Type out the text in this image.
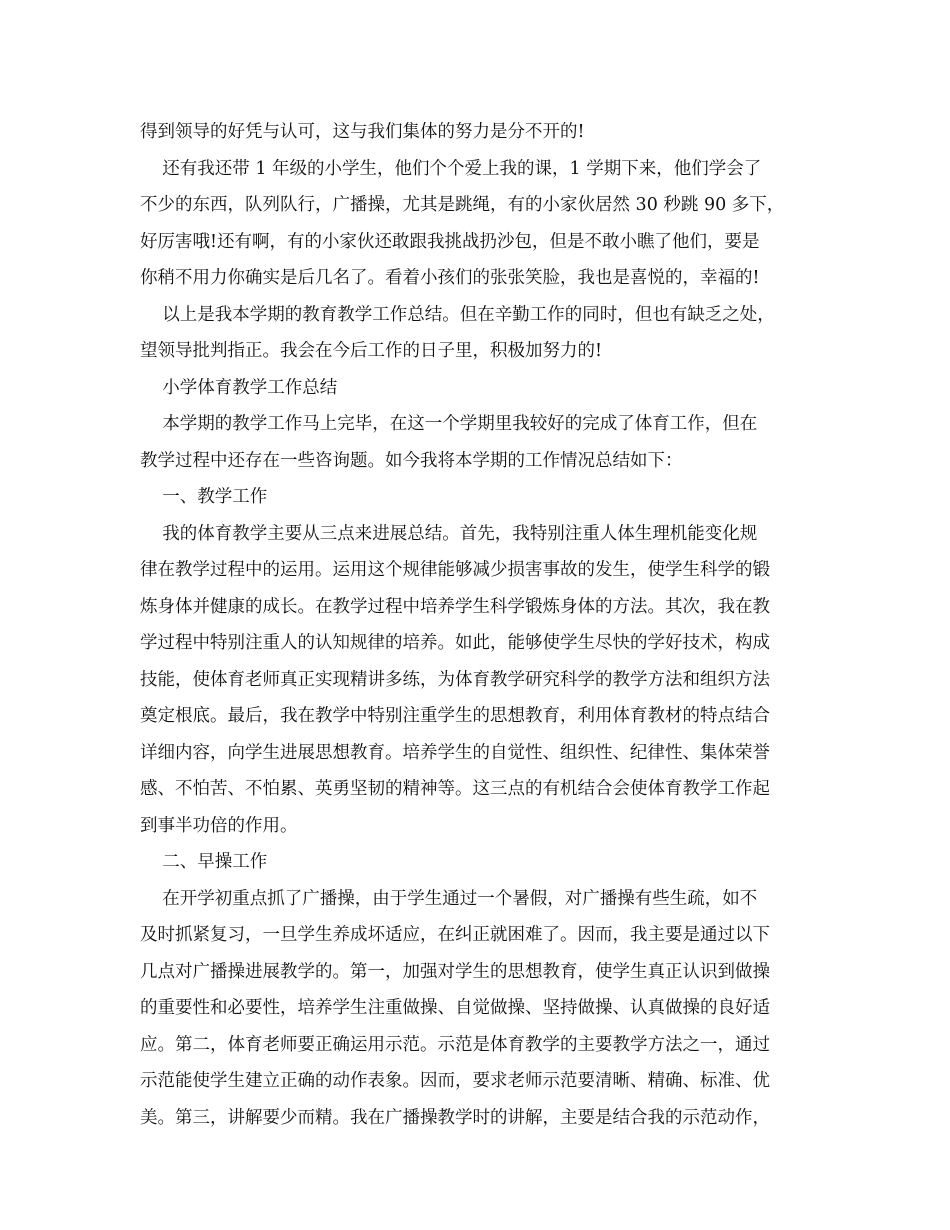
得到领导的好凭与认可，这与我们集体的努力是分不开的!
还有我还带 1 年级的小学生，他们个个爱上我的课，1 学期下来，他们学会了
不少的东西，队列队行，广播操，尤其是跳绳，有的小家伙居然 30 秒跳 90 多下，
好厉害哦!还有啊，有的小家伙还敢跟我挑战扔沙包，但是不敢小瞧了他们，要是
你稍不用力你确实是后几名了。看着小孩们的张张笑脸，我也是喜悦的，幸福的!
以上是我本学期的教育教学工作总结。但在辛勤工作的同时，但也有缺乏之处，
望领导批判指正。我会在今后工作的日子里，积极加努力的!
小学体育教学工作总结
本学期的教学工作马上完毕，在这一个学期里我较好的完成了体育工作，但在
教学过程中还存在一些咨询题。如今我将本学期的工作情况总结如下：
一、教学工作
我的体育教学主要从三点来进展总结。首先，我特别注重人体生理机能变化规
律在教学过程中的运用。运用这个规律能够减少损害事故的发生，使学生科学的锻
炼身体并健康的成长。在教学过程中培养学生科学锻炼身体的方法。其次，我在教
学过程中特别注重人的认知规律的培养。如此，能够使学生尽快的学好技术，构成
技能，使体育老师真正实现精讲多练，为体育教学研究科学的教学方法和组织方法
奠定根底。最后，我在教学中特别注重学生的思想教育，利用体育教材的特点结合
详细内容，向学生进展思想教育。培养学生的自觉性、组织性、纪律性、集体荣誉
感、不怕苦、不怕累、英勇坚韧的精神等。这三点的有机结合会使体育教学工作起
到事半功倍的作用。
二、早操工作
在开学初重点抓了广播操，由于学生通过一个暑假，对广播操有些生疏，如不
及时抓紧复习，一旦学生养成坏适应，在纠正就困难了。因而，我主要是通过以下
几点对广播操进展教学的。第一，加强对学生的思想教育，使学生真正认识到做操
的重要性和必要性，培养学生注重做操、自觉做操、坚持做操、认真做操的良好适
应。第二，体育老师要正确运用示范。示范是体育教学的主要教学方法之一，通过
示范能使学生建立正确的动作表象。因而，要求老师示范要清晰、精确、标准、优
美。第三，讲解要少而精。我在广播操教学时的讲解，主要是结合我的示范动作，
